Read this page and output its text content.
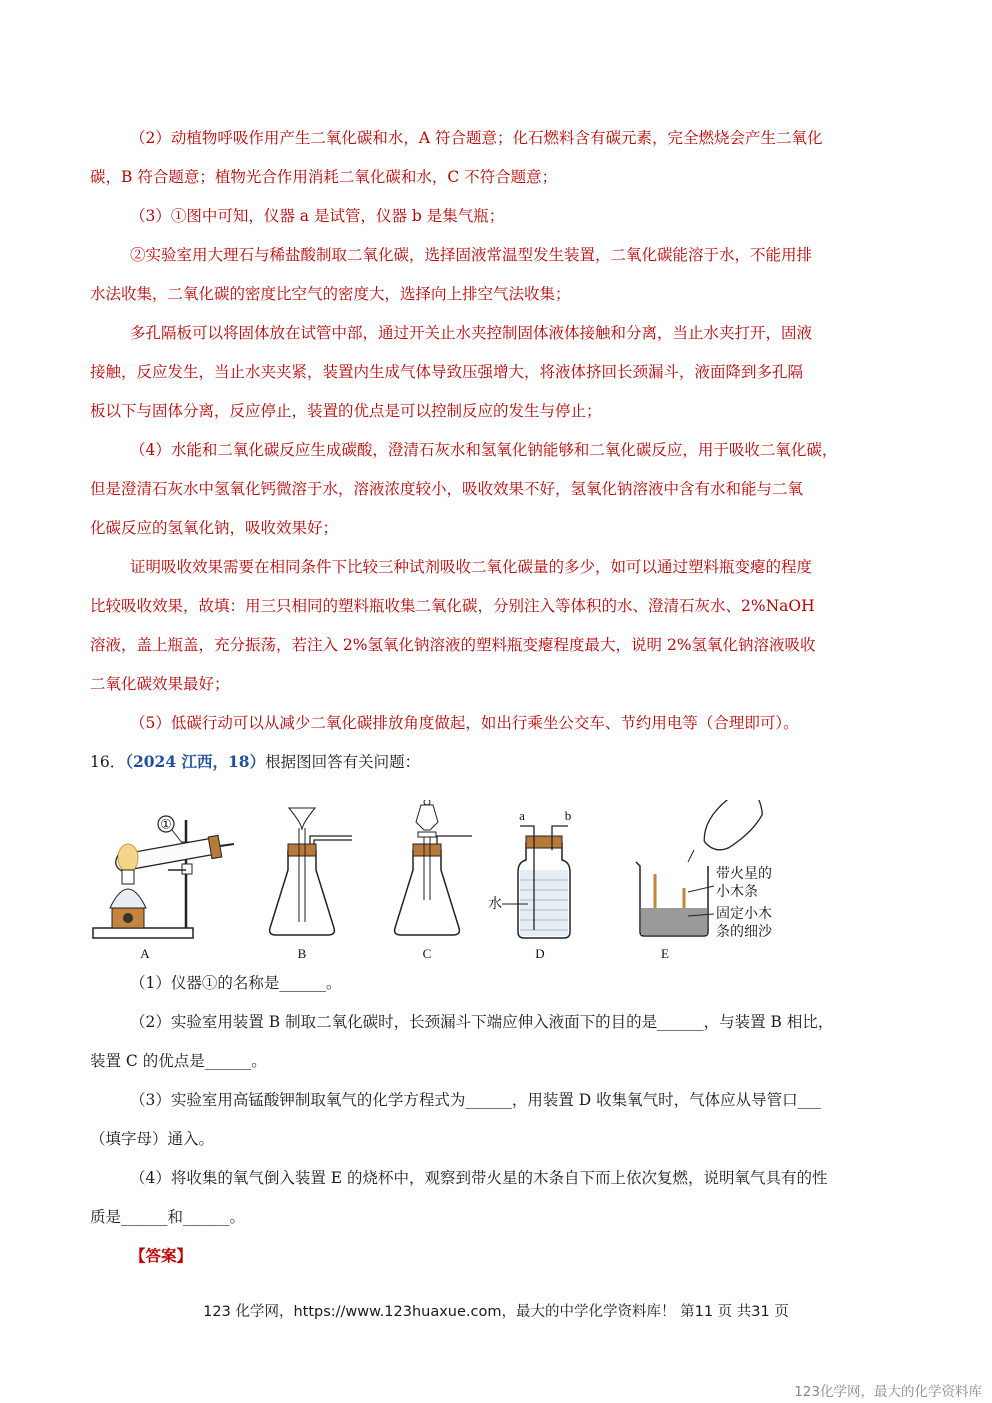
（2）动植物呼吸作用产生二氧化碳和水，A 符合题意；化石燃料含有碳元素，完全燃烧会产生二氧化
碳，B 符合题意；植物光合作用消耗二氧化碳和水，C 不符合题意；
（3）①图中可知，仪器 a 是试管，仪器 b 是集气瓶；
②实验室用大理石与稀盐酸制取二氧化碳，选择固液常温型发生装置，二氧化碳能溶于水，不能用排
水法收集，二氧化碳的密度比空气的密度大，选择向上排空气法收集；
多孔隔板可以将固体放在试管中部，通过开关止水夹控制固体液体接触和分离，当止水夹打开，固液
接触，反应发生，当止水夹夹紧，装置内生成气体导致压强增大，将液体挤回长颈漏斗，液面降到多孔隔
板以下与固体分离，反应停止，装置的优点是可以控制反应的发生与停止；
（4）水能和二氧化碳反应生成碳酸，澄清石灰水和氢氧化钠能够和二氧化碳反应，用于吸收二氧化碳，
但是澄清石灰水中氢氧化钙微溶于水，溶液浓度较小，吸收效果不好，氢氧化钠溶液中含有水和能与二氧
化碳反应的氢氧化钠，吸收效果好；
证明吸收效果需要在相同条件下比较三种试剂吸收二氧化碳量的多少，如可以通过塑料瓶变瘪的程度
比较吸收效果，故填：用三只相同的塑料瓶收集二氧化碳，分别注入等体积的水、澄清石灰水、2%NaOH
溶液，盖上瓶盖，充分振荡，若注入 2%氢氧化钠溶液的塑料瓶变瘪程度最大，说明 2%氢氧化钠溶液吸收
二氧化碳效果最好；
（5）低碳行动可以从减少二氧化碳排放角度做起，如出行乘坐公交车、节约用电等（合理即可）。
16．（2024 江西，18）根据图回答有关问题：
①
A	B	C
a	b
水
D
带火星的
小木条
固定小木
条的细沙
E
（1）仪器①的名称是______。
（2）实验室用装置 B 制取二氧化碳时，长颈漏斗下端应伸入液面下的目的是______，与装置 B 相比，
装置 C 的优点是______。
（3）实验室用高锰酸钾制取氧气的化学方程式为______，用装置 D 收集氧气时，气体应从导管口___
（填字母）通入。
（4）将收集的氧气倒入装置 E 的烧杯中，观察到带火星的木条自下而上依次复燃，说明氧气具有的性
质是______和______。
【答案】
123 化学网，https://www.123huaxue.com，最大的中学化学资料库！ 第11 页 共31 页
123化学网，最大的化学资料库
